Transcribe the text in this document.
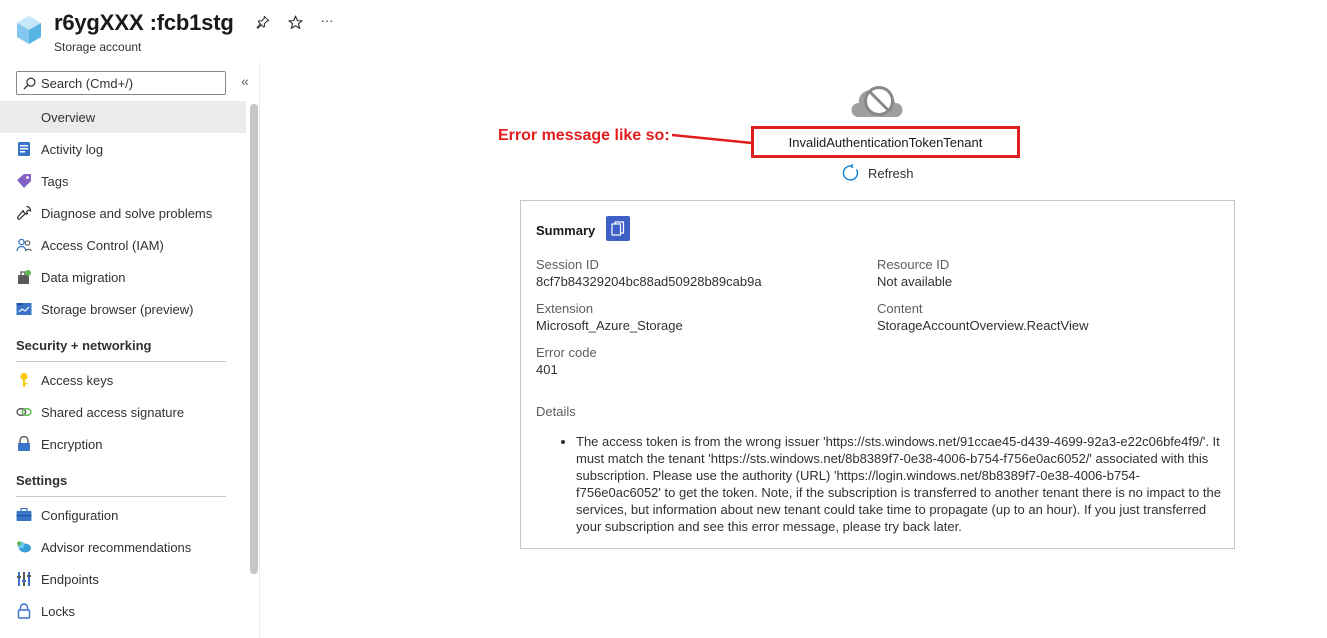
r6ygXXX :fcb1stg
Storage account
···
Search (Cmd+/)
«
Overview
Activity log
Tags
Diagnose and solve problems
Access Control (IAM)
Data migration
Storage browser (preview)
Security + networking
Access keys
Shared access signature
Encryption
Settings
Configuration
Advisor recommendations
Endpoints
Locks
Error message like so:	InvalidAuthenticationTokenTenant
Refresh
Summary
Session ID
8cf7b84329204bc88ad50928b89cab9a
Resource ID
Not available
Extension
Microsoft_Azure_Storage
Content
StorageAccountOverview.ReactView
Error code
401
Details
• The access token is from the wrong issuer 'https://sts.windows.net/91ccae45-d439-4699-92a3-e22c06bfe4f9/'. It must match the tenant 'https://sts.windows.net/8b8389f7-0e38-4006-b754-f756e0ac6052/' associated with this subscription. Please use the authority (URL) 'https://login.windows.net/8b8389f7-0e38-4006-b754-f756e0ac6052' to get the token. Note, if the subscription is transferred to another tenant there is no impact to the services, but information about new tenant could take time to propagate (up to an hour). If you just transferred your subscription and see this error message, please try back later.
